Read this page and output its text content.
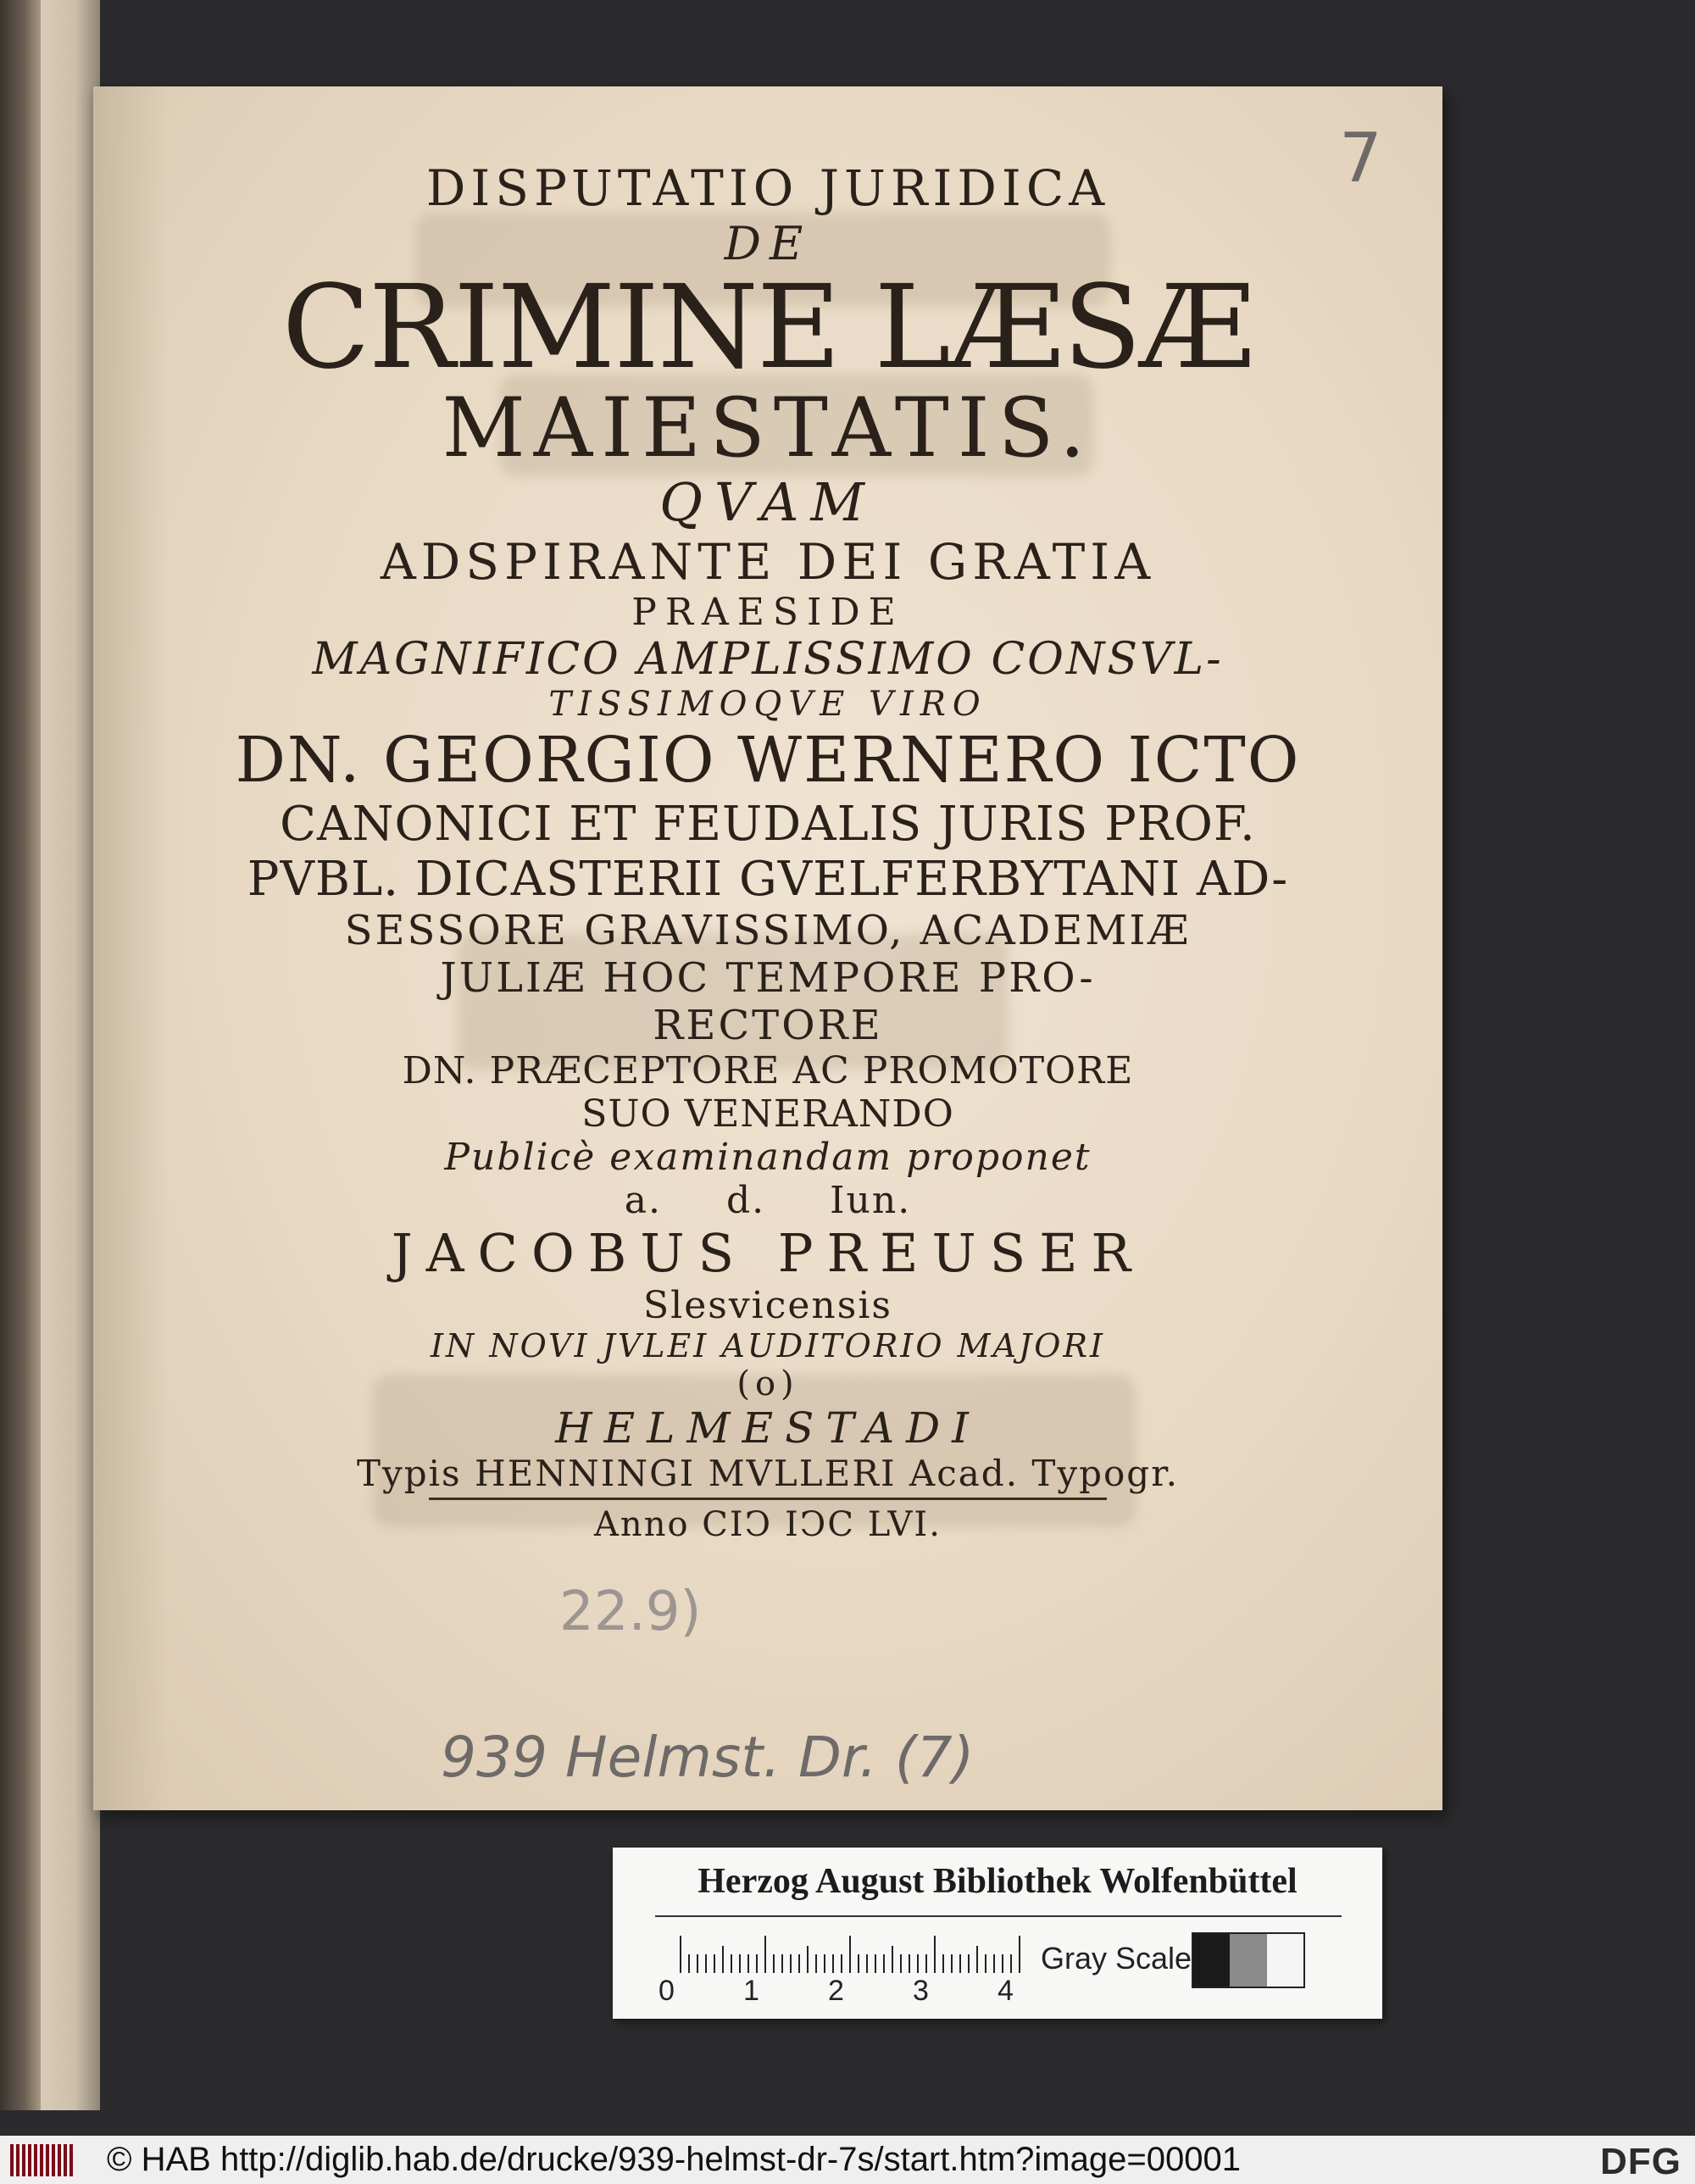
DISPUTATIO JURIDICA
DE
CRIMINE LÆSÆ
MAIESTATIS.
QVAM
ADSPIRANTE DEI GRATIA
PRAESIDE
MAGNIFICO AMPLISSIMO CONSVL-
TISSIMOQVE VIRO
DN. GEORGIO WERNERO ICTO
CANONICI ET FEUDALIS JURIS PROF.
PVBL. DICASTERII GVELFERBYTANI AD-
SESSORE GRAVISSIMO, ACADEMIÆ
JULIÆ HOC TEMPORE PRO-
RECTORE
DN. PRÆCEPTORE AC PROMOTORE
SUO VENERANDO
Publicè examinandam proponet
a. d. Iun.
JACOBUS PREUSER
Slesvicensis
IN NOVI JVLEI AUDITORIO MAJORI
(o)
HELMESTADI
Typis HENNINGI MVLLERI Acad. Typogr.
Anno CIↃ IↃC LVI.
7
22.9)
939 Helmst. Dr. (7)
Herzog August Bibliothek Wolfenbüttel
0 1 2 3 4
Gray Scale
© HAB http://diglib.hab.de/drucke/939-helmst-dr-7s/start.htm?image=00001	DFG
